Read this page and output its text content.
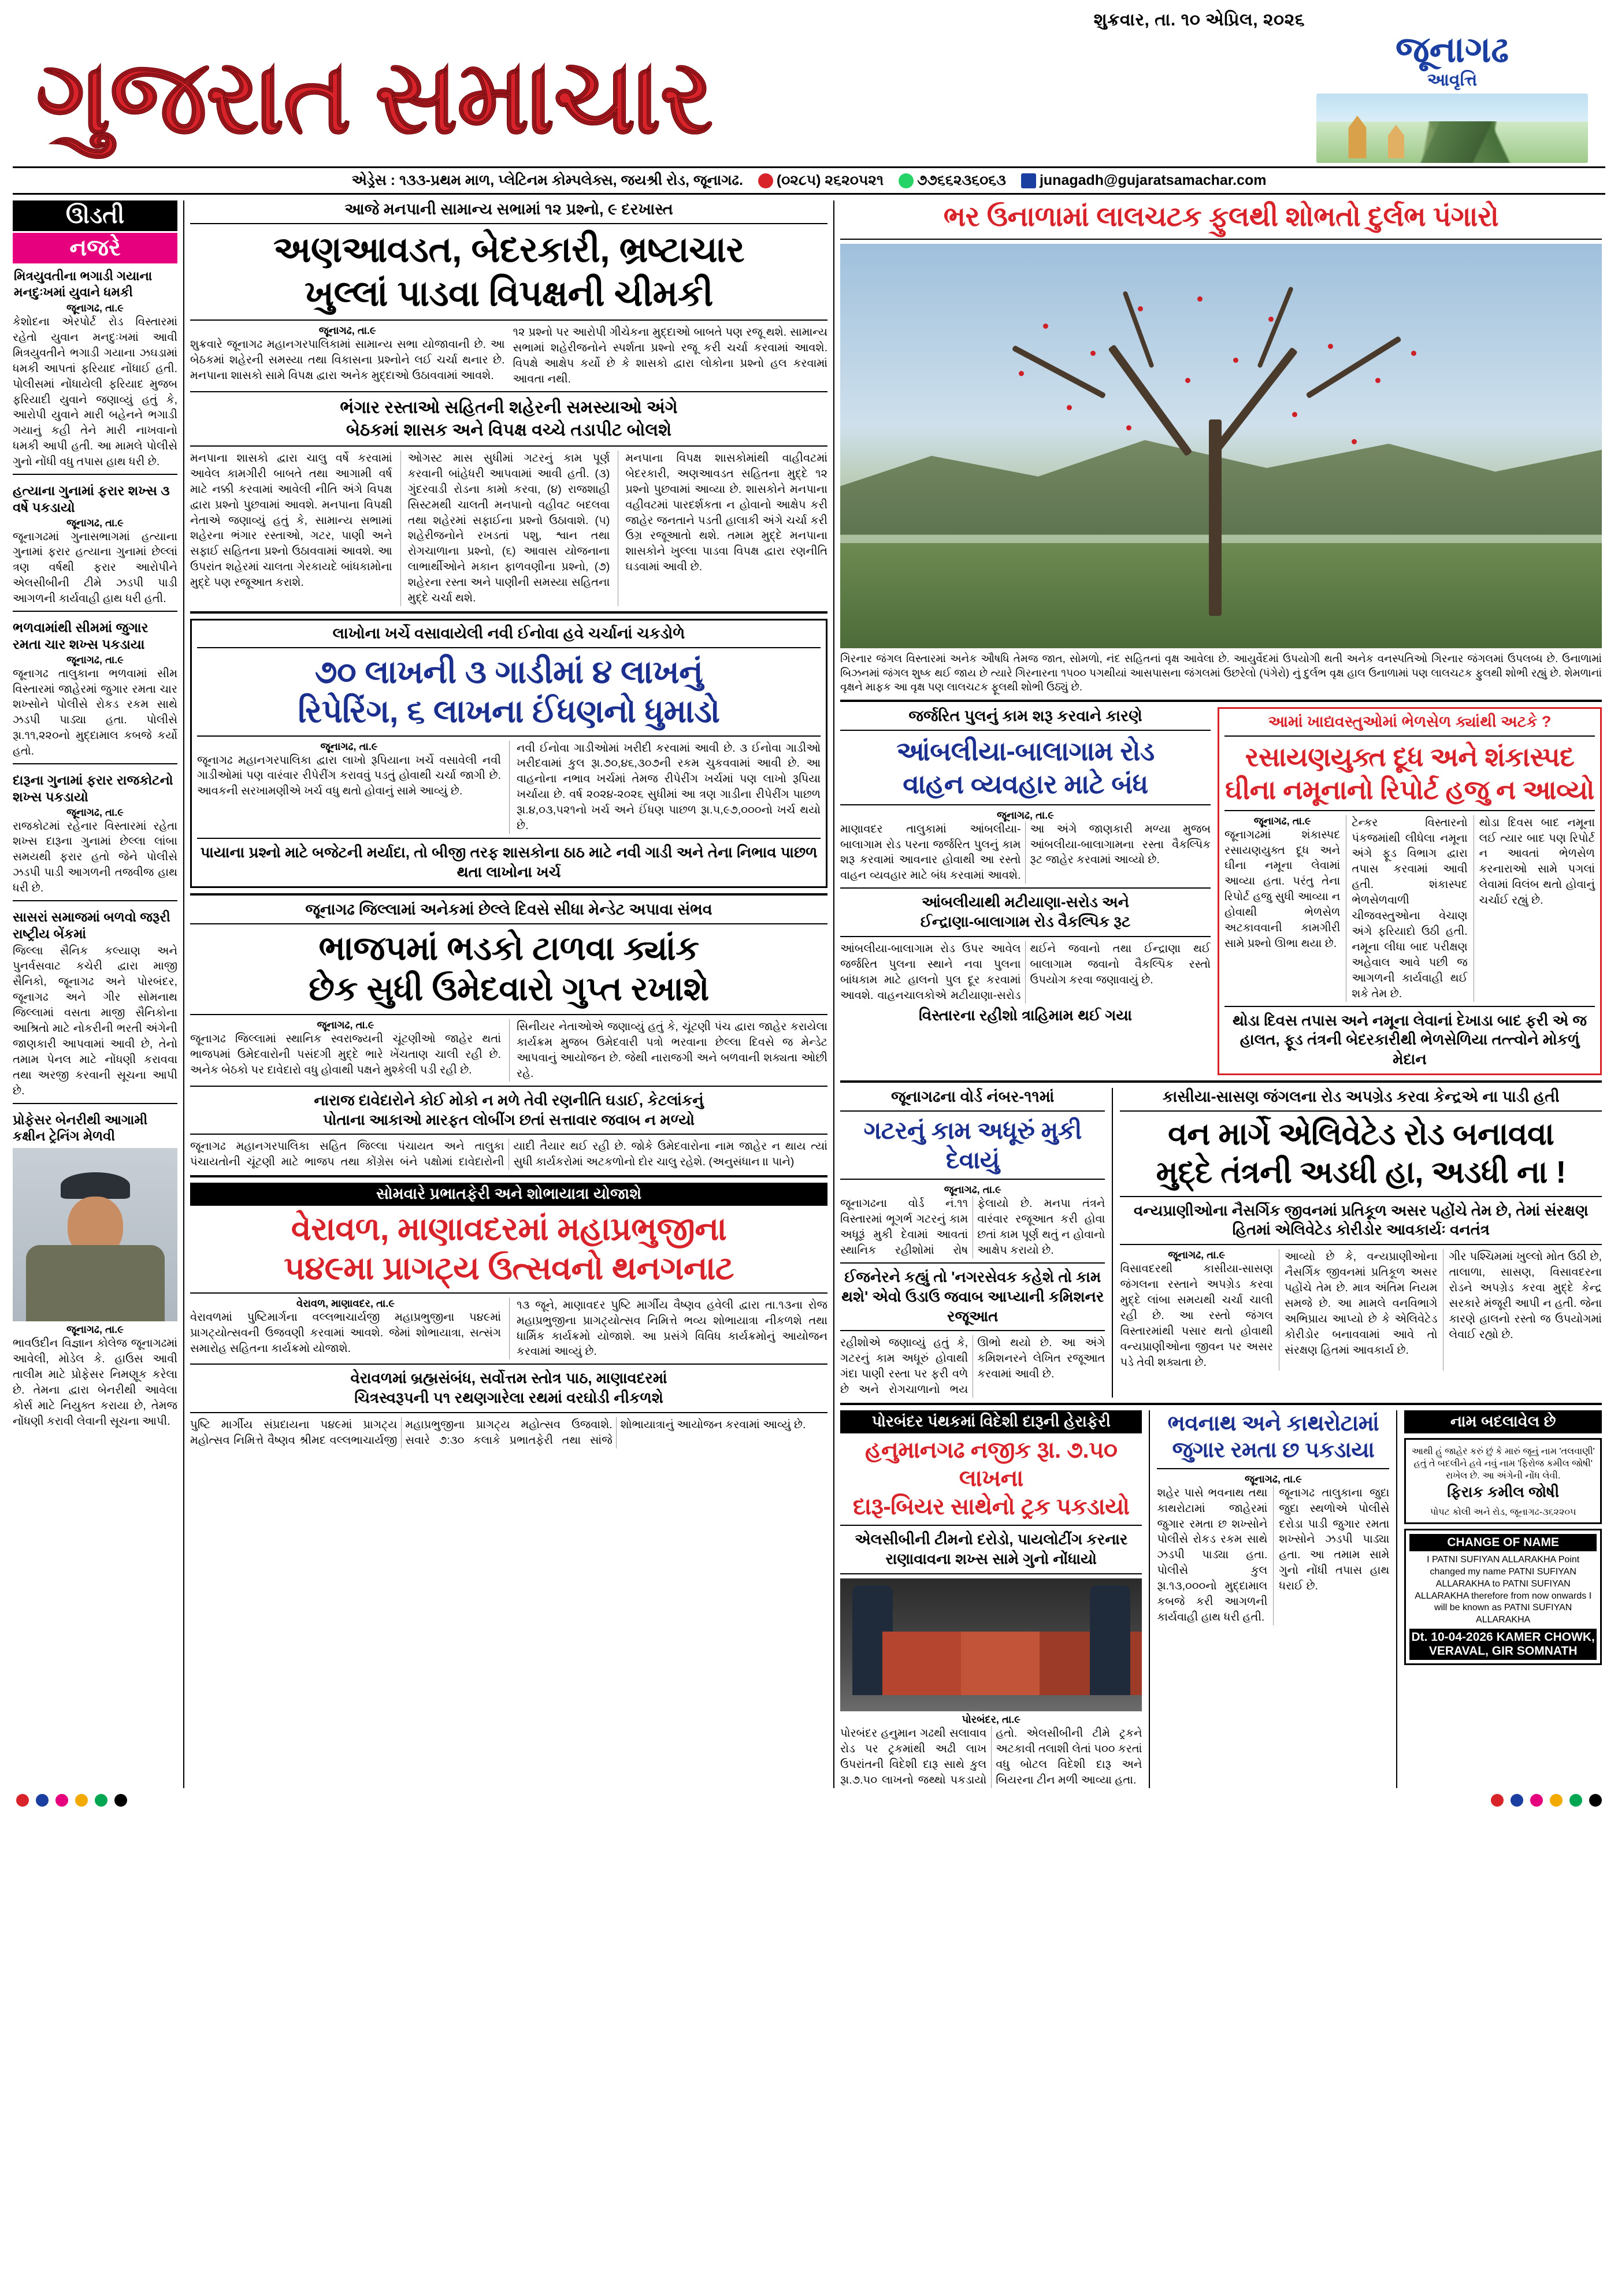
શુક્રવાર, તા. ૧૦ એપ્રિલ, ૨૦૨૬
ગુજરાત સમાચાર	જૂનાગઢ
આવૃત્તિ
એડ્રેસ : ૧૩૩-પ્રથમ માળ, પ્લેટિનમ કોમ્પલેક્સ, જયશ્રી રોડ, જૂનાગઢ.	(૦૨૮૫) ૨૬૨૦૫૨૧	૭૭૬૬૨૩૬૦૬૩	junagadh@gujaratsamachar.com
ઊડતી
નજરે
મિત્રયુવતીના ભગાડી ગયાના મનદુઃખમાં યુવાને ધમકી
જૂનાગઢ, તા.૯
કેશોદના એરપોર્ટ રોડ વિસ્તારમાં રહેતો યુવાન મનદુઃખમાં આવી મિત્રયુવતીને ભગાડી ગયાના ઝઘડામાં ધમકી આપતાં ફરિયાદ નોંધાઈ હતી. પોલીસમાં નોંધાયેલી ફરિયાદ મુજબ ફરિયાદી યુવાને જણાવ્યું હતું કે, આરોપી યુવાને મારી બહેનને ભગાડી ગયાનું કહી તેને મારી નાખવાનો ધમકી આપી હતી. આ મામલે પોલીસે ગુનો નોંધી વધુ તપાસ હાથ ધરી છે.
હત્યાના ગુનામાં ફરાર શખ્સ ૩ વર્ષે પકડાયો
જૂનાગઢ, તા.૯
જૂનાગઢમાં ગુનાસભાગમાં હત્યાના ગુનામાં ફરાર હત્યાના ગુનામાં છેલ્લાં ત્રણ વર્ષથી ફરાર આરોપીને એલસીબીની ટીમે ઝડપી પાડી આગળની કાર્યવાહી હાથ ધરી હતી.
ભળવામાંથી સીમમાં જુગાર રમતા ચાર શખ્સ પકડાયા
જૂનાગઢ, તા.૯
જૂનાગઢ તાલુકાના ભળવામાં સીમ વિસ્તારમાં જાહેરમાં જુગાર રમતા ચાર શખ્સોને પોલીસે રોકડ રકમ સાથે ઝડપી પાડ્યા હતા. પોલીસે રૂા.૧૧,૨૨૦નો મુદ્દામાલ કબજે કર્યો હતો.
દારૂના ગુનામાં ફરાર રાજકોટનો શખ્સ પકડાયો
જૂનાગઢ, તા.૯
રાજકોટમાં રહેનાર વિસ્તારમાં રહેતા શખ્સ દારૂના ગુનામાં છેલ્લા લાંબા સમયથી ફરાર હતો જેને પોલીસે ઝડપી પાડી આગળની તજવીજ હાથ ધરી છે.
સાસરાં સમાજમાં બળવો જરૂરી રાષ્ટ્રીય બેંકમાં
જિલ્લા સૈનિક કલ્યાણ અને પુનર્વસવાટ કચેરી દ્વારા માજી સૈનિકો, જૂનાગઢ અને પોરબંદર, જૂનાગઢ અને ગીર સોમનાથ જિલ્લામાં વસતા માજી સૈનિકોના આશ્રિતો માટે નોકરીની ભરતી અંગેની જાણકારી આપવામાં આવી છે, તેનો તમામ પેનલ માટે નોંધણી કરાવવા તથા અરજી કરવાની સૂચના આપી છે.
પ્રોફેસર બેનરીથી આગામી કક્ષીન ટ્રેનિંગ મેળવી
જૂનાગઢ, તા.૯
ભાવઉદીન વિજ્ઞાન કોલેજ જૂનાગઢમાં આવેલી, મોડેલ કે. હાઉસ આવી તાલીમ માટે પ્રોફેસર નિમણૂક કરેલા છે. તેમના દ્વારા બેનરીથી આવેલા કોર્સ માટે નિયુક્ત કરાયા છે, તેમજ નોંધણી કરાવી લેવાની સૂચના આપી.
આજે મનપાની સામાન્ય સભામાં ૧૨ પ્રશ્નો, ૯ દરખાસ્ત
અણઆવડત, બેદરકારી, ભ્રષ્ટાચાર
ખુલ્લાં પાડવા વિપક્ષની ચીમકી
જૂનાગઢ, તા.૯
શુક્રવારે જૂનાગઢ મહાનગરપાલિકામાં સામાન્ય સભા યોજાવાની છે. આ બેઠકમાં શહેરની સમસ્યા તથા વિકાસના પ્રશ્નોને લઈ ચર્ચા થનાર છે. મનપાના શાસકો સામે વિપક્ષ દ્વારા અનેક મુદ્દાઓ ઉઠાવવામાં આવશે.
૧૨ પ્રશ્નો પર આરોપી ગીચેકના મુદ્દાઓ બાબતે પણ રજૂ થશે. સામાન્ય સભામાં શહેરીજનોને સ્પર્શતા પ્રશ્નો રજૂ કરી ચર્ચા કરવામાં આવશે. વિપક્ષે આક્ષેપ કર્યો છે કે શાસકો દ્વારા લોકોના પ્રશ્નો હલ કરવામાં આવતા નથી.
ભંગાર રસ્તાઓ સહિતની શહેરની સમસ્યાઓ અંગે
બેઠકમાં શાસક અને વિપક્ષ વચ્ચે તડાપીટ બોલશે
મનપાના શાસકો દ્વારા ચાલુ વર્ષે કરવામાં આવેલ કામગીરી બાબતે તથા આગામી વર્ષ માટે નક્કી કરવામાં આવેલી નીતિ અંગે વિપક્ષ દ્વારા પ્રશ્નો પુછવામાં આવશે. મનપાના વિપક્ષી નેતાએ જણાવ્યું હતું કે, સામાન્ય સભામાં શહેરના ભંગાર રસ્તાઓ, ગટર, પાણી અને સફાઈ સહિતના પ્રશ્નો ઉઠાવવામાં આવશે. આ ઉપરાંત શહેરમાં ચાલતા ગેરકાયદે બાંધકામોના મુદ્દે પણ રજૂઆત કરાશે.
ઓગસ્ટ માસ સુધીમાં ગટરનું કામ પૂર્ણ કરવાની બાંહેધરી આપવામાં આવી હતી. (૩) ગુંદરવાડી રોડના કામો કરવા, (૪) રાજશાહી સિસ્ટમથી ચાલતી મનપાનો વહીવટ બદલવા તથા શહેરમાં સફાઈના પ્રશ્નો ઉઠાવાશે. (૫) શહેરીજનોને રખડતાં પશુ, શ્વાન તથા રોગચાળાના પ્રશ્નો, (૬) આવાસ યોજનાના લાભાર્થીઓને મકાન ફાળવણીના પ્રશ્નો, (૭) શહેરના રસ્તા અને પાણીની સમસ્યા સહિતના મુદ્દે ચર્ચા થશે.
મનપાના વિપક્ષ શાસકોમાંથી વાહીવટમાં બેદરકારી, અણઆવડત સહિતના મુદ્દે ૧૨ પ્રશ્નો પુછવામાં આવ્યા છે. શાસકોને મનપાના વહીવટમાં પારદર્શકતા ન હોવાનો આક્ષેપ કરી જાહેર જનતાને પડતી હાલાકી અંગે ચર્ચા કરી ઉગ્ર રજૂઆતો થશે. તમામ મુદ્દે મનપાના શાસકોને ખુલ્લા પાડવા વિપક્ષ દ્વારા રણનીતિ ઘડવામાં આવી છે.
લાખોના ખર્ચે વસાવાયેલી નવી ઈનોવા હવે ચર્ચાનાં ચકડોળે
૭૦ લાખની ૩ ગાડીમાં ૪ લાખનું
રિપેરિંગ, ૬ લાખના ઈંધણનો ધુમાડો
જૂનાગઢ, તા.૯
જૂનાગઢ મહાનગરપાલિકા દ્વારા લાખો રૂપિયાના ખર્ચે વસાવેલી નવી ગાડીઓમાં પણ વારંવાર રીપેરીંગ કરાવવું પડતું હોવાથી ચર્ચા જાગી છે. આવકની સરખામણીએ ખર્ચ વધુ થતો હોવાનું સામે આવ્યું છે.
નવી ઈનોવા ગાડીઓમાં ખરીદી કરવામાં આવી છે. ૩ ઈનોવા ગાડીઓ ખરીદવામાં કુલ રૂા.૭૦,૪૬,૩૦૭ની રકમ ચુકવવામાં આવી છે. આ વાહનોના નભાવ ખર્ચમાં તેમજ રીપેરીંગ ખર્ચમાં પણ લાખો રૂપિયા ખર્ચાયા છે. વર્ષ ૨૦૨૪-૨૦૨૬ સુધીમાં આ ત્રણ ગાડીના રીપેરીંગ પાછળ રૂા.૪,૦૩,૫૨૧નો ખર્ચ અને ઈંધણ પાછળ રૂા.૫,૯૭,૦૦૦નો ખર્ચ થયો છે.
પાયાના પ્રશ્નો માટે બજેટની મર્યાદા, તો બીજી તરફ શાસકોના ઠાઠ માટે નવી ગાડી અને તેના નિભાવ પાછળ થતા લાખોના ખર્ચ
જૂનાગઢ જિલ્લામાં અનેકમાં છેલ્લે દિવસે સીધા મેન્ડેટ અપાવા સંભવ
ભાજપમાં ભડકો ટાળવા ક્યાંક
છેક સુધી ઉમેદવારો ગુપ્ત રખાશે
જૂનાગઢ, તા.૯
જૂનાગઢ જિલ્લામાં સ્થાનિક સ્વરાજ્યની ચૂંટણીઓ જાહેર થતાં ભાજપમાં ઉમેદવારોની પસંદગી મુદ્દે ભારે ખેંચતાણ ચાલી રહી છે. અનેક બેઠકો પર દાવેદારો વધુ હોવાથી પક્ષને મુશ્કેલી પડી રહી છે.
સિનીયર નેતાઓએ જણાવ્યું હતું કે, ચૂંટણી પંચ દ્વારા જાહેર કરાયેલા કાર્યક્રમ મુજબ ઉમેદવારી પત્રો ભરવાના છેલ્લા દિવસે જ મેન્ડેટ આપવાનું આયોજન છે. જેથી નારાજગી અને બળવાની શક્યતા ઓછી રહે.
નારાજ દાવેદારોને કોઈ મોકો ન મળે તેવી રણનીતિ ઘડાઈ, કેટલાંકનું
પોતાના આકાઓ મારફત લોબીંગ છતાં સત્તાવાર જવાબ ન મળ્યો
જૂનાગઢ મહાનગરપાલિકા સહિત જિલ્લા પંચાયત અને તાલુકા પંચાયતોની ચૂંટણી માટે ભાજપ તથા કોંગ્રેસ બંને પક્ષોમાં દાવેદારોની યાદી તૈયાર થઈ રહી છે. જોકે ઉમેદવારોના નામ જાહેર ન થાય ત્યાં સુધી કાર્યકરોમાં અટકળોનો દોર ચાલુ રહેશે. (અનુસંધાન ॥ પાને)
સોમવારે પ્રભાતફેરી અને શોભાયાત્રા યોજાશે
વેરાવળ, માણાવદરમાં મહાપ્રભુજીના
૫૪૯મા પ્રાગટ્ય ઉત્સવનો થનગનાટ
વેરાવળ, માણાવદર, તા.૯
વેરાવળમાં પુષ્ટિમાર્ગના વલ્લભાચાર્યજી મહાપ્રભુજીના ૫૪૯માં પ્રાગટ્યોત્સવની ઉજવણી કરવામાં આવશે. જેમાં શોભાયાત્રા, સત્સંગ સમારોહ સહિતના કાર્યક્રમો યોજાશે.
૧૩ જૂને, માણાવદર પુષ્ટિ માર્ગીય વૈષ્ણવ હવેલી દ્વારા તા.૧૩ના રોજ મહાપ્રભુજીના પ્રાગટ્યોત્સવ નિમિત્તે ભવ્ય શોભાયાત્રા નીકળશે તથા ધાર્મિક કાર્યક્રમો યોજાશે. આ પ્રસંગે વિવિધ કાર્યક્રમોનું આયોજન કરવામાં આવ્યું છે.
વેરાવળમાં બ્રહ્મસંબંધ, સર્વોત્તમ સ્તોત્ર પાઠ, માણાવદરમાં
ચિત્રસ્વરૂપની ૫૧ રથણગારેલા રથમાં વરઘોડી નીકળશે
પુષ્ટિ માર્ગીય સંપ્રદાયના ૫૪૯માં પ્રાગટ્ય મહોત્સવ નિમિત્તે વૈષ્ણવ શ્રીમદ વલ્લભાચાર્યજી મહાપ્રભુજીના પ્રાગટ્ય મહોત્સવ ઉજવાશે. સવારે ૭:૩૦ કલાકે પ્રભાતફેરી તથા સાંજે શોભાયાત્રાનું આયોજન કરવામાં આવ્યું છે.
ભર ઉનાળામાં લાલચટક ફુલથી શોભતો દુર્લભ પંગારો
ગિરનાર જંગલ વિસ્તારમાં અનેક ઔષધિ તેમજ જાત, સોમળો, નંદ સહિતનાં વૃક્ષ આવેલા છે. આયુર્વેદમાં ઉપયોગી થતી અનેક વનસ્પતિઓ ગિરનાર જંગલમાં ઉપલબ્ધ છે. ઉનાળામાં બિઝનમાં જંગલ શુષ્ક થઈ જાય છે ત્યારે ગિરનારના ૧૫૦૦ પગથીયાં આસપાસના જંગલમાં ઉછરેલો (પંગેરો) નું દુર્લભ વૃક્ષ હાલ ઉનાળામાં પણ લાલચટક ફુલથી શોભી રહ્યું છે. શેમળાનાં વૃક્ષને માફક આ વૃક્ષ પણ લાલચટક ફૂલથી શોભી ઉઠ્યું છે.
જર્જરિત પુલનું કામ શરૂ કરવાને કારણે
આંબલીયા-બાલાગામ રોડ
વાહન વ્યવહાર માટે બંધ
જૂનાગઢ, તા.૯
માણાવદર તાલુકામાં આંબલીયા-બાલાગામ રોડ પરના જર્જરિત પુલનું કામ શરૂ કરવામાં આવનાર હોવાથી આ રસ્તો વાહન વ્યવહાર માટે બંધ કરવામાં આવશે. આ અંગે જાણકારી મળ્યા મુજબ આંબલીયા-બાલાગામના રસ્તા વૈકલ્પિક રૂટ જાહેર કરવામાં આવ્યો છે.
આંબલીયાથી મટીયાણા-સરોડ અને
ઈન્દ્રાણા-બાલાગામ રોડ વૈકલ્પિક રૂટ
આંબલીયા-બાલાગામ રોડ ઉપર આવેલ જર્જરિત પુલના સ્થાને નવા પુલના બાંધકામ માટે હાલનો પુલ દૂર કરવામાં આવશે. વાહનચાલકોએ મટીયાણા-સરોડ થઈને જવાનો તથા ઈન્દ્રાણા થઈ બાલાગામ જવાનો વૈકલ્પિક રસ્તો ઉપયોગ કરવા જણાવાયું છે.
વિસ્તારના રહીશો ત્રાહિમામ થઈ ગયા
આમાં ખાદ્યવસ્તુઓમાં ભેળસેળ ક્યાંથી અટકે ?
રસાયણયુક્ત દૂધ અને શંકાસ્પદ
ઘીના નમૂનાનો રિપોર્ટ હજુ ન આવ્યો
જૂનાગઢ, તા.૯
જૂનાગઢમાં શંકાસ્પદ રસાયણયુક્ત દૂધ અને ઘીના નમૂના લેવામાં આવ્યા હતા. પરંતુ તેના રિપોર્ટ હજુ સુધી આવ્યા ન હોવાથી ભેળસેળ અટકાવવાની કામગીરી સામે પ્રશ્નો ઊભા થયા છે.
ટેન્કર વિસ્તારનો પંકજમાંથી લીધેલા નમૂના અંગે ફૂડ વિભાગ દ્વારા તપાસ કરવામાં આવી હતી. શંકાસ્પદ ભેળસેળવાળી ચીજવસ્તુઓના વેચાણ અંગે ફરિયાદો ઉઠી હતી. નમૂના લીધા બાદ પરીક્ષણ અહેવાલ આવે પછી જ આગળની કાર્યવાહી થઈ શકે તેમ છે.
થોડા દિવસ બાદ નમૂના લઈ ત્યાર બાદ પણ રિપોર્ટ ન આવતાં ભેળસેળ કરનારાઓ સામે પગલાં લેવામાં વિલંબ થતો હોવાનું ચર્ચાઈ રહ્યું છે.
થોડા દિવસ તપાસ અને નમૂના લેવાનાં દેખાડા બાદ ફરી એ જ હાલત, ફૂડ તંત્રની બેદરકારીથી ભેળસેળિયા તત્ત્વોને મોકળું મેદાન
જૂનાગઢના વોર્ડ નંબર-૧૧માં
ગટરનું કામ અધૂરું મુકી દેવાયું
જૂનાગઢ, તા.૯
જૂનાગઢના વોર્ડ નં.૧૧ વિસ્તારમાં ભૂગર્ભ ગટરનું કામ અધૂરૂં મુકી દેવામાં આવતાં સ્થાનિક રહીશોમાં રોષ ફેલાયો છે. મનપા તંત્રને વારંવાર રજૂઆત કરી હોવા છતાં કામ પૂર્ણ થતું ન હોવાનો આક્ષેપ કરાયો છે.
ઈજનેરને કહ્યું તો 'નગરસેવક કહેશે તો કામ થશે' એવો ઉડાઉ જવાબ આપ્યાની કમિશનર રજૂઆત
રહીશોએ જણાવ્યું હતું કે, ગટરનું કામ અધૂરું હોવાથી ગંદા પાણી રસ્તા પર ફરી વળે છે અને રોગચાળાનો ભય ઊભો થયો છે. આ અંગે કમિશનરને લેખિત રજૂઆત કરવામાં આવી છે.
કાસીયા-સાસણ જંગલના રોડ અપગ્રેડ કરવા કેન્દ્રએ ના પાડી હતી
વન માર્ગે એલિવેટેડ રોડ બનાવવા
મુદ્દે તંત્રની અડધી હા, અડધી ના !
વન્યપ્રાણીઓના નૈસર્ગિક જીવનમાં પ્રતિકૂળ અસર પહોંચે તેમ છે, તેમાં સંરક્ષણ હિતમાં એલિવેટેડ કોરીડોર આવકાર્યઃ વનતંત્ર
જૂનાગઢ, તા.૯
વિસાવદરથી કાસીયા-સાસણ જંગલના રસ્તાને અપગ્રેડ કરવા મુદ્દે લાંબા સમયથી ચર્ચા ચાલી રહી છે. આ રસ્તો જંગલ વિસ્તારમાંથી પસાર થતો હોવાથી વન્યપ્રાણીઓના જીવન પર અસર પડે તેવી શક્યતા છે.
આવ્યો છે કે, વન્યપ્રાણીઓના નૈસર્ગિક જીવનમાં પ્રતિકૂળ અસર પહોંચે તેમ છે. માત્ર અંતિમ નિયમ સમજે છે. આ મામલે વનવિભાગે અભિપ્રાય આપ્યો છે કે એલિવેટેડ કોરીડોર બનાવવામાં આવે તો સંરક્ષણ હિતમાં આવકાર્ય છે.
ગીર પશ્ચિમમાં ખુલ્લો મોત ઉઠી છે, તાલાળા, સાસણ, વિસાવદરના રોડને અપગ્રેડ કરવા મુદ્દે કેન્દ્ર સરકારે મંજૂરી આપી ન હતી. જેના કારણે હાલનો રસ્તો જ ઉપયોગમાં લેવાઈ રહ્યો છે.
પોરબંદર પંથકમાં વિદેશી દારૂની હેરાફેરી
હનુમાનગઢ નજીક રૂા. ૭.૫૦ લાખના
દારૂ-બિયર સાથેનો ટ્રક પકડાયો
એલસીબીની ટીમનો દરોડો, પાયલોટીંગ કરનાર રાણાવાવના શખ્સ સામે ગુનો નોંધાયો
પોરબંદર, તા.૯
પોરબંદર હનુમાન ગઢથી સલાવાવ રોડ પર ટ્રકમાંથી અઢી લાખ ઉપરાંતની વિદેશી દારૂ સાથે કુલ રૂા.૭.૫૦ લાખનો જથ્થો પકડાયો હતો. એલસીબીની ટીમે ટ્રકને અટકાવી તલાશી લેતાં ૫૦૦ કરતાં વધુ બોટલ વિદેશી દારૂ અને બિયરના ટીન મળી આવ્યા હતા.
ભવનાથ અને કાથરોટામાં જુગાર રમતા છ પકડાયા
જૂનાગઢ, તા.૯
શહેર પાસે ભવનાથ તથા કાથરોટામાં જાહેરમાં જુગાર રમતા છ શખ્સોને પોલીસે રોકડ રકમ સાથે ઝડપી પાડ્યા હતા. પોલીસે કુલ રૂા.૧૩,૦૦૦નો મુદ્દામાલ કબજે કરી આગળની કાર્યવાહી હાથ ધરી હતી.
જૂનાગઢ તાલુકાના જુદા જુદા સ્થળોએ પોલીસે દરોડા પાડી જુગાર રમતા શખ્સોને ઝડપી પાડ્યા હતા. આ તમામ સામે ગુનો નોંધી તપાસ હાથ ધરાઈ છે.
નામ બદલાવેલ છે
આથી હું જાહેર કરું છું કે મારું જૂનું નામ 'તલવાણી' હતું તે બદલીને હવે નવું નામ 'ફિરોજ કમીલ જોષી' રાખેલ છે. આ અંગેની નોંધ લેવી.
ફિરાક કમીલ જોષી
પોપટ કોલી અને રોડ, જૂનાગઢ-૩૬૨૨૦૫
CHANGE OF NAME
I PATNI SUFIYAN ALLARAKHA Point changed my name PATNI SUFIYAN ALLARAKHA to PATNI SUFIYAN ALLARAKHA therefore from now onwards I will be known as PATNI SUFIYAN ALLARAKHA
Dt. 10-04-2026 KAMER CHOWK, VERAVAL, GIR SOMNATH
